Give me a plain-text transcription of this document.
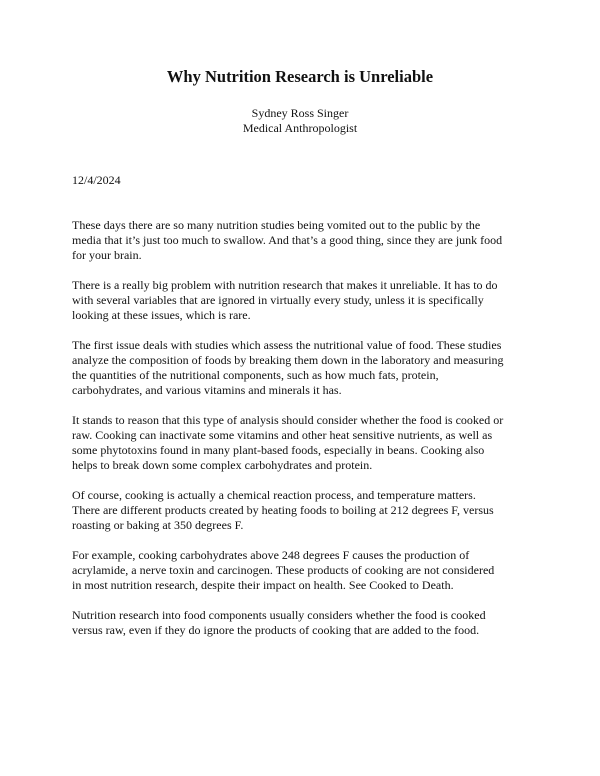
Why Nutrition Research is Unreliable
Sydney Ross Singer
Medical Anthropologist

12/4/2024

These days there are so many nutrition studies being vomited out to the public by the
media that it’s just too much to swallow. And that’s a good thing, since they are junk food
for your brain.
There is a really big problem with nutrition research that makes it unreliable. It has to do
with several variables that are ignored in virtually every study, unless it is specifically
looking at these issues, which is rare.
The first issue deals with studies which assess the nutritional value of food. These studies
analyze the composition of foods by breaking them down in the laboratory and measuring
the quantities of the nutritional components, such as how much fats, protein,
carbohydrates, and various vitamins and minerals it has.
It stands to reason that this type of analysis should consider whether the food is cooked or
raw. Cooking can inactivate some vitamins and other heat sensitive nutrients, as well as
some phytotoxins found in many plant-based foods, especially in beans. Cooking also
helps to break down some complex carbohydrates and protein.
Of course, cooking is actually a chemical reaction process, and temperature matters.
There are different products created by heating foods to boiling at 212 degrees F, versus
roasting or baking at 350 degrees F.
For example, cooking carbohydrates above 248 degrees F causes the production of
acrylamide, a nerve toxin and carcinogen. These products of cooking are not considered
in most nutrition research, despite their impact on health. See Cooked to Death.
Nutrition research into food components usually considers whether the food is cooked
versus raw, even if they do ignore the products of cooking that are added to the food.
